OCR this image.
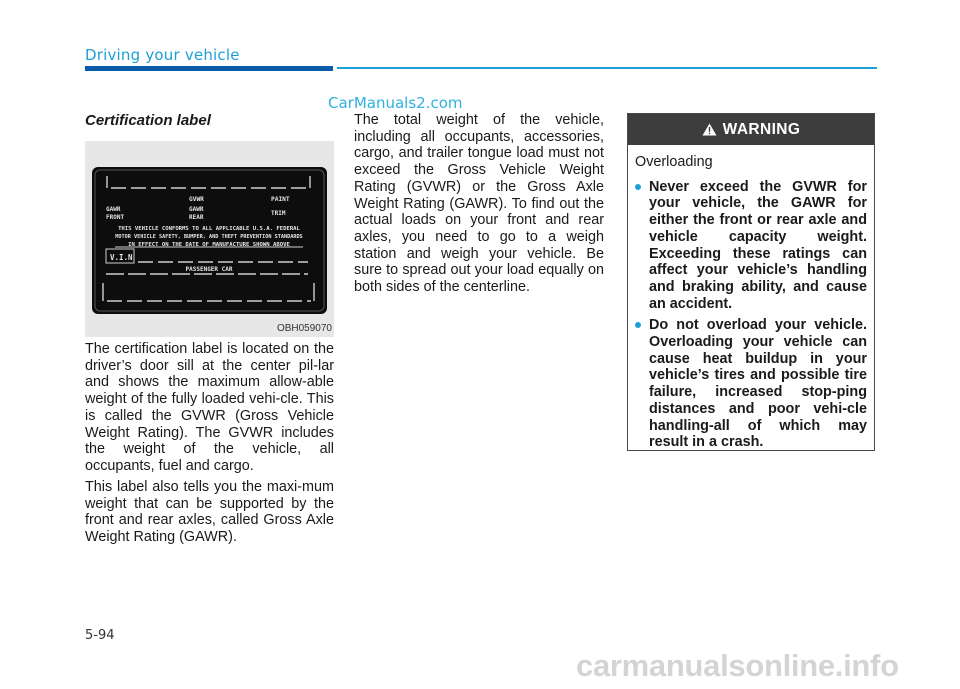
Driving your vehicle
CarManuals2.com
Certification label
GVWR	PAINT
GAWR	GAWR
FRONT	REAR
TRIM
THIS VEHICLE CONFORMS TO ALL APPLICABLE U.S.A. FEDERAL
MOTOR VEHICLE SAFETY, BUMPER, AND THEFT PREVENTION STANDARDS
IN EFFECT ON THE DATE OF MANUFACTURE SHOWN ABOVE
V.I.N
PASSENGER CAR
OBH059070

The certification label is located on the driver’s door sill at the center pil-lar and shows the maximum allow-able weight of the fully loaded vehi-cle. This is called the GVWR (Gross Vehicle Weight Rating). The GVWR includes the weight of the vehicle, all occupants, fuel and cargo.

This label also tells you the maxi-mum weight that can be supported by the front and rear axles, called Gross Axle Weight Rating (GAWR).

The total weight of the vehicle, including all occupants, accessories, cargo, and trailer tongue load must not exceed the Gross Vehicle Weight Rating (GVWR) or the Gross Axle Weight Rating (GAWR). To find out the actual loads on your front and rear axles, you need to go to a weigh station and weigh your vehicle. Be sure to spread out your load equally on both sides of the centerline.

WARNING
Overloading
Never exceed the GVWR for your vehicle, the GAWR for either the front or rear axle and vehicle capacity weight. Exceeding these ratings can affect your vehicle’s handling and braking ability, and cause an accident.
Do not overload your vehicle. Overloading your vehicle can cause heat buildup in your vehicle’s tires and possible tire failure, increased stop-ping distances and poor vehi-cle handling-all of which may result in a crash.
5-94
carmanualsonline.info
